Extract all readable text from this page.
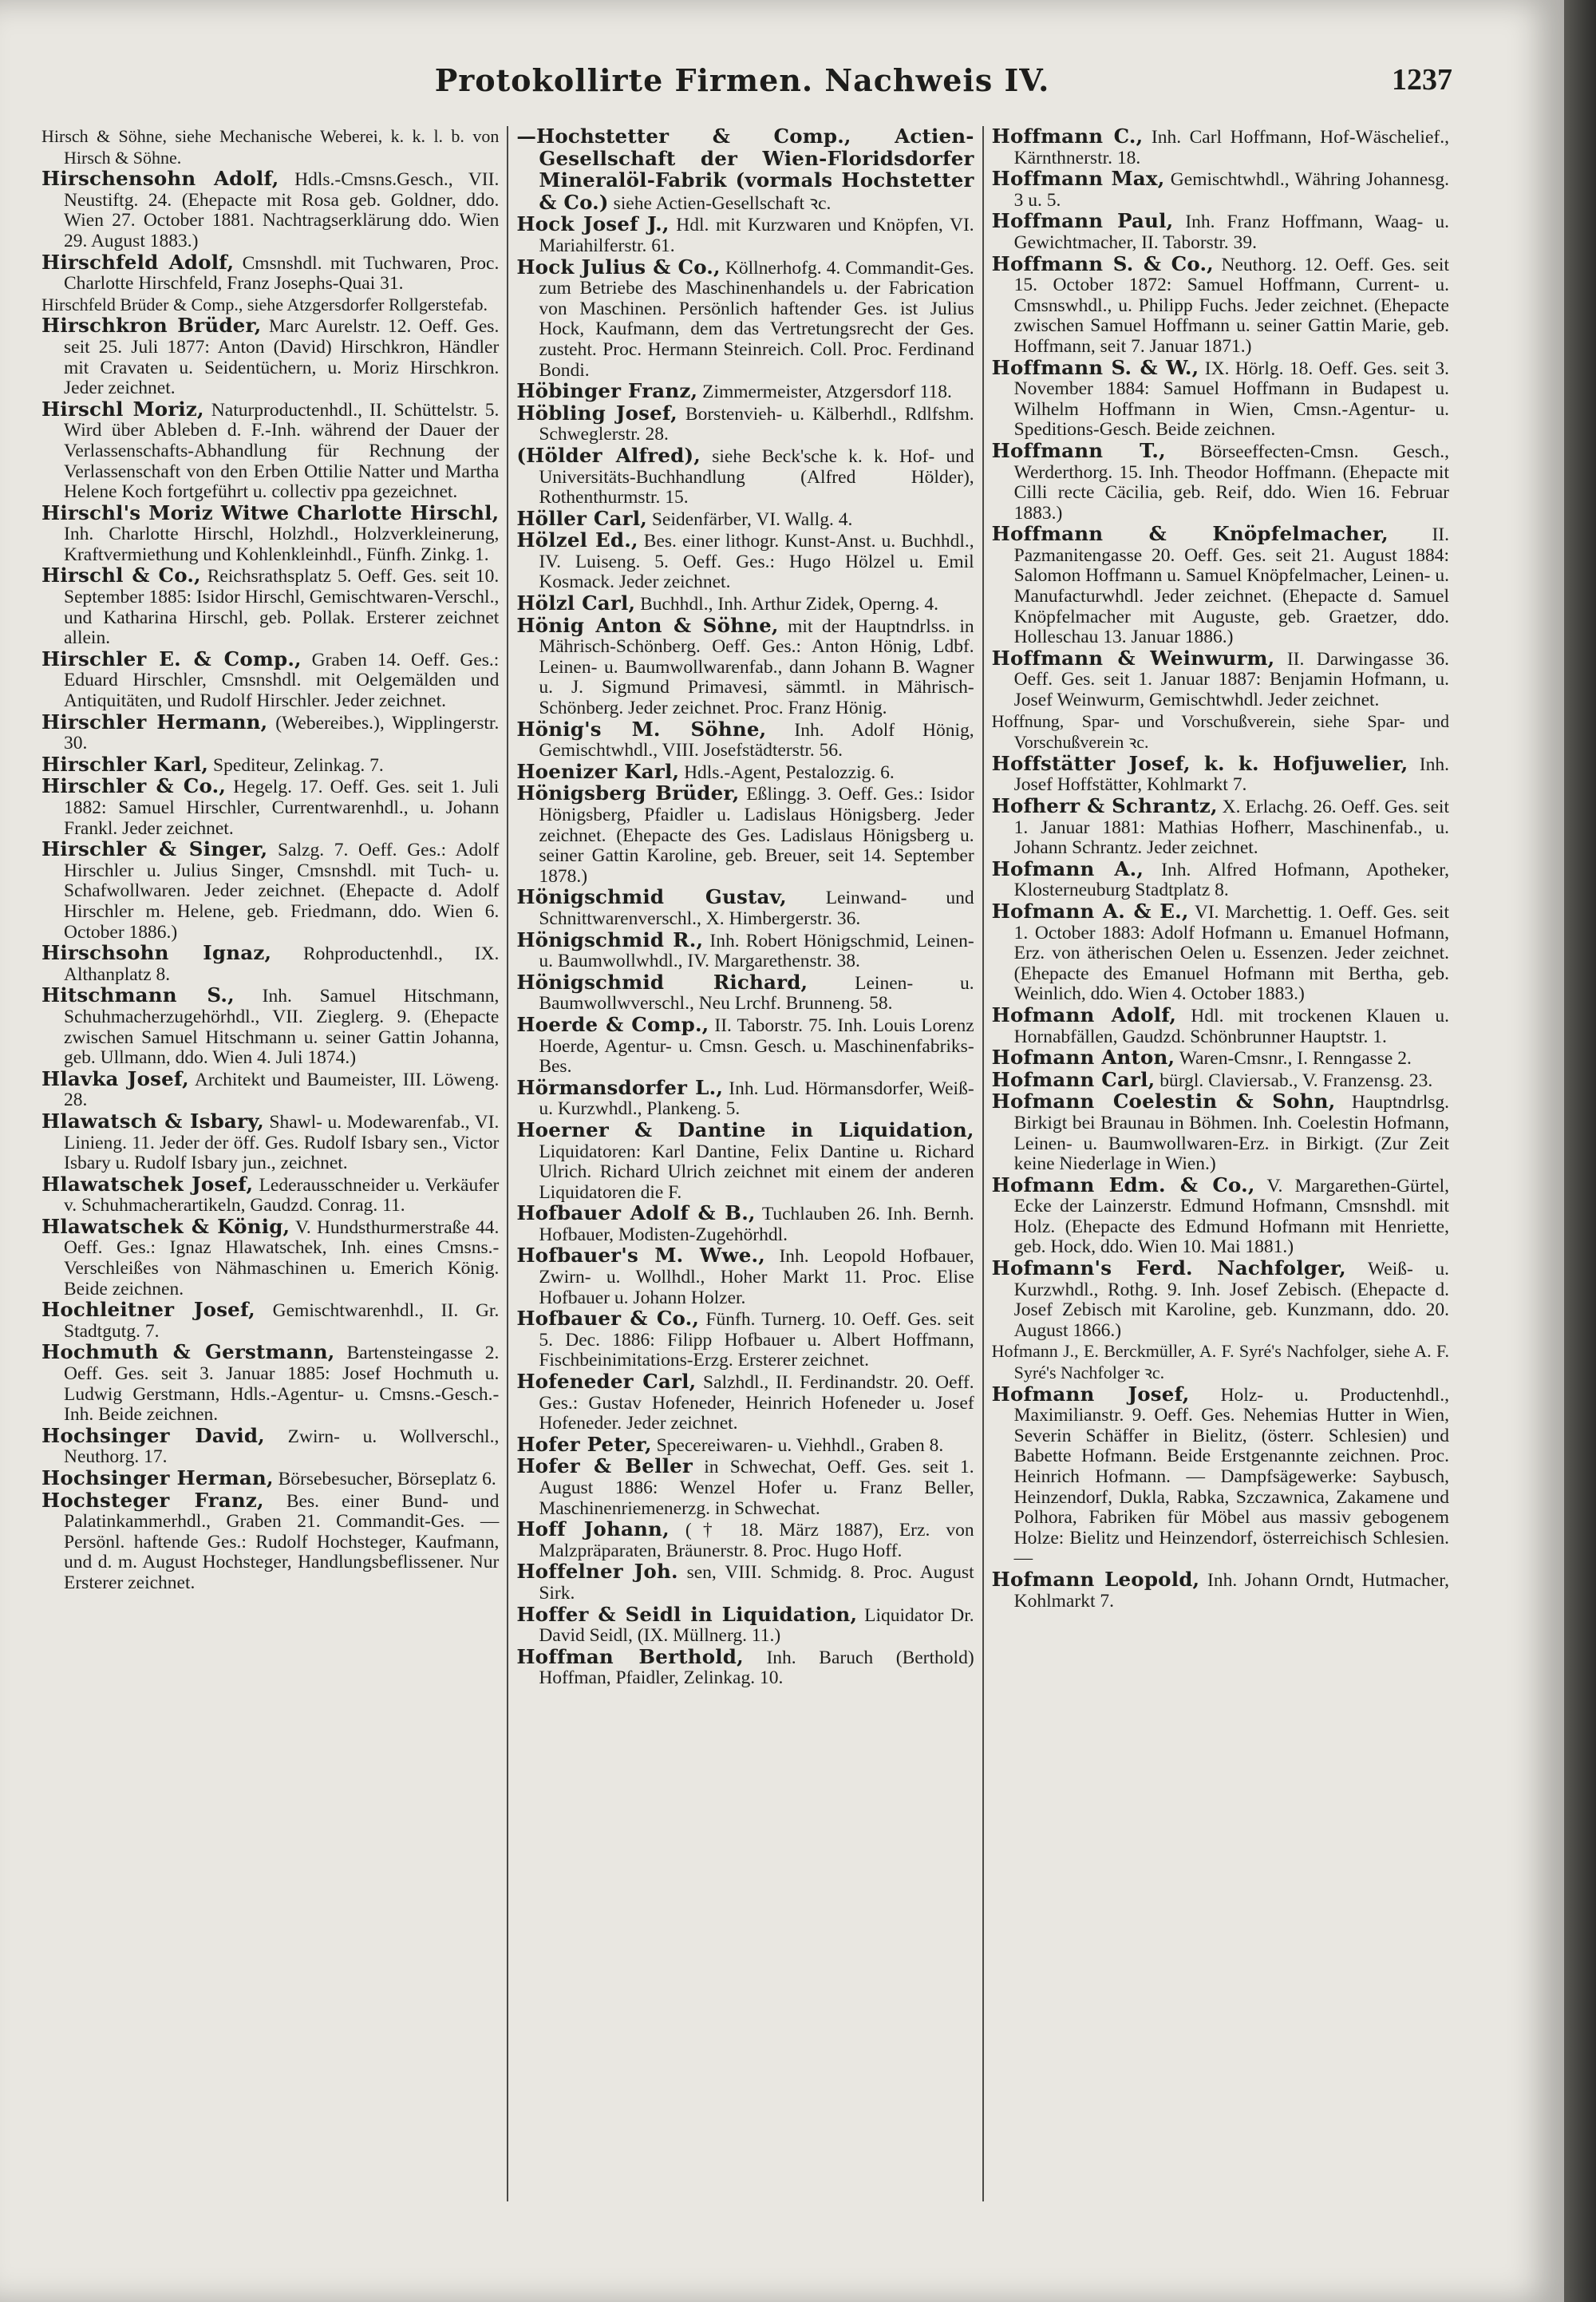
Protokollirte Firmen. Nachweis IV.	1237

Hirsch & Söhne, siehe Mechanische Weberei, k. k. l. b. von Hirsch & Söhne.

Hirschensohn Adolf, Hdls.-Cmsns.Gesch., VII. Neustiftg. 24. (Ehepacte mit Rosa geb. Goldner, ddo. Wien 27. October 1881. Nachtragserklärung ddo. Wien 29. August 1883.)

Hirschfeld Adolf, Cmsnshdl. mit Tuchwaren, Proc. Charlotte Hirschfeld, Franz Josephs-Quai 31.

Hirschfeld Brüder & Comp., siehe Atzgersdorfer Rollgerstefab.

Hirschkron Brüder, Marc Aurelstr. 12. Oeff. Ges. seit 25. Juli 1877: Anton (David) Hirschkron, Händler mit Cravaten u. Seidentüchern, u. Moriz Hirschkron. Jeder zeichnet.

Hirschl Moriz, Naturproductenhdl., II. Schüttelstr. 5. Wird über Ableben d. F.-Inh. während der Dauer der Verlassenschafts-Abhandlung für Rechnung der Verlassenschaft von den Erben Ottilie Natter und Martha Helene Koch fortgeführt u. collectiv ppa gezeichnet.

Hirschl's Moriz Witwe Charlotte Hirschl, Inh. Charlotte Hirschl, Holzhdl., Holzverkleinerung, Kraftvermiethung und Kohlenkleinhdl., Fünfh. Zinkg. 1.

Hirschl & Co., Reichsrathsplatz 5. Oeff. Ges. seit 10. September 1885: Isidor Hirschl, Gemischtwaren-Verschl., und Katharina Hirschl, geb. Pollak. Ersterer zeichnet allein.

Hirschler E. & Comp., Graben 14. Oeff. Ges.: Eduard Hirschler, Cmsnshdl. mit Oelgemälden und Antiquitäten, und Rudolf Hirschler. Jeder zeichnet.

Hirschler Hermann, (Webereibes.), Wipplingerstr. 30.

Hirschler Karl, Spediteur, Zelinkag. 7.

Hirschler & Co., Hegelg. 17. Oeff. Ges. seit 1. Juli 1882: Samuel Hirschler, Currentwarenhdl., u. Johann Frankl. Jeder zeichnet.

Hirschler & Singer, Salzg. 7. Oeff. Ges.: Adolf Hirschler u. Julius Singer, Cmsnshdl. mit Tuch- u. Schafwollwaren. Jeder zeichnet. (Ehepacte d. Adolf Hirschler m. Helene, geb. Friedmann, ddo. Wien 6. October 1886.)

Hirschsohn Ignaz, Rohproductenhdl., IX. Althanplatz 8.

Hitschmann S., Inh. Samuel Hitschmann, Schuhmacherzugehörhdl., VII. Zieglerg. 9. (Ehepacte zwischen Samuel Hitschmann u. seiner Gattin Johanna, geb. Ullmann, ddo. Wien 4. Juli 1874.)

Hlavka Josef, Architekt und Baumeister, III. Löweng. 28.

Hlawatsch & Isbary, Shawl- u. Modewarenfab., VI. Linieng. 11. Jeder der öff. Ges. Rudolf Isbary sen., Victor Isbary u. Rudolf Isbary jun., zeichnet.

Hlawatschek Josef, Lederausschneider u. Verkäufer v. Schuhmacherartikeln, Gaudzd. Conrag. 11.

Hlawatschek & König, V. Hundsthurmerstraße 44. Oeff. Ges.: Ignaz Hlawatschek, Inh. eines Cmsns.-Verschleißes von Nähmaschinen u. Emerich König. Beide zeichnen.

Hochleitner Josef, Gemischtwarenhdl., II. Gr. Stadtgutg. 7.

Hochmuth & Gerstmann, Bartensteingasse 2. Oeff. Ges. seit 3. Januar 1885: Josef Hochmuth u. Ludwig Gerstmann, Hdls.-Agentur- u. Cmsns.-Gesch.-Inh. Beide zeichnen.

Hochsinger David, Zwirn- u. Wollverschl., Neuthorg. 17.

Hochsinger Herman, Börsebesucher, Börseplatz 6.

Hochsteger Franz, Bes. einer Bund- und Palatinkammerhdl., Graben 21. Commandit-Ges. — Persönl. haftende Ges.: Rudolf Hochsteger, Kaufmann, und d. m. August Hochsteger, Handlungsbeflissener. Nur Ersterer zeichnet.

—Hochstetter & Comp., Actien-Gesellschaft der Wien-Floridsdorfer Mineralöl-Fabrik (vormals Hochstetter & Co.) siehe Actien-Gesellschaft ꝛc.

Hock Josef J., Hdl. mit Kurzwaren und Knöpfen, VI. Mariahilferstr. 61.

Hock Julius & Co., Köllnerhofg. 4. Commandit-Ges. zum Betriebe des Maschinenhandels u. der Fabrication von Maschinen. Persönlich haftender Ges. ist Julius Hock, Kaufmann, dem das Vertretungsrecht der Ges. zusteht. Proc. Hermann Steinreich. Coll. Proc. Ferdinand Bondi.

Höbinger Franz, Zimmermeister, Atzgersdorf 118.

Höbling Josef, Borstenvieh- u. Kälberhdl., Rdlfshm. Schweglerstr. 28.

(Hölder Alfred), siehe Beck'sche k. k. Hof- und Universitäts-Buchhandlung (Alfred Hölder), Rothenthurmstr. 15.

Höller Carl, Seidenfärber, VI. Wallg. 4.

Hölzel Ed., Bes. einer lithogr. Kunst-Anst. u. Buchhdl., IV. Luiseng. 5. Oeff. Ges.: Hugo Hölzel u. Emil Kosmack. Jeder zeichnet.

Hölzl Carl, Buchhdl., Inh. Arthur Zidek, Operng. 4.

Hönig Anton & Söhne, mit der Hauptndrlss. in Mährisch-Schönberg. Oeff. Ges.: Anton Hönig, Ldbf. Leinen- u. Baumwollwarenfab., dann Johann B. Wagner u. J. Sigmund Primavesi, sämmtl. in Mährisch-Schönberg. Jeder zeichnet. Proc. Franz Hönig.

Hönig's M. Söhne, Inh. Adolf Hönig, Gemischtwhdl., VIII. Josefstädterstr. 56.

Hoenizer Karl, Hdls.-Agent, Pestalozzig. 6.

Hönigsberg Brüder, Eßlingg. 3. Oeff. Ges.: Isidor Hönigsberg, Pfaidler u. Ladislaus Hönigsberg. Jeder zeichnet. (Ehepacte des Ges. Ladislaus Hönigsberg u. seiner Gattin Karoline, geb. Breuer, seit 14. September 1878.)

Hönigschmid Gustav, Leinwand- und Schnittwarenverschl., X. Himbergerstr. 36.

Hönigschmid R., Inh. Robert Hönigschmid, Leinen- u. Baumwollwhdl., IV. Margarethenstr. 38.

Hönigschmid Richard, Leinen- u. Baumwollwverschl., Neu Lrchf. Brunneng. 58.

Hoerde & Comp., II. Taborstr. 75. Inh. Louis Lorenz Hoerde, Agentur- u. Cmsn. Gesch. u. Maschinenfabriks-Bes.

Hörmansdorfer L., Inh. Lud. Hörmansdorfer, Weiß- u. Kurzwhdl., Plankeng. 5.

Hoerner & Dantine in Liquidation, Liquidatoren: Karl Dantine, Felix Dantine u. Richard Ulrich. Richard Ulrich zeichnet mit einem der anderen Liquidatoren die F.

Hofbauer Adolf & B., Tuchlauben 26. Inh. Bernh. Hofbauer, Modisten-Zugehörhdl.

Hofbauer's M. Wwe., Inh. Leopold Hofbauer, Zwirn- u. Wollhdl., Hoher Markt 11. Proc. Elise Hofbauer u. Johann Holzer.

Hofbauer & Co., Fünfh. Turnerg. 10. Oeff. Ges. seit 5. Dec. 1886: Filipp Hofbauer u. Albert Hoffmann, Fischbeinimitations-Erzg. Ersterer zeichnet.

Hofeneder Carl, Salzhdl., II. Ferdinandstr. 20. Oeff. Ges.: Gustav Hofeneder, Heinrich Hofeneder u. Josef Hofeneder. Jeder zeichnet.

Hofer Peter, Specereiwaren- u. Viehhdl., Graben 8.

Hofer & Beller in Schwechat, Oeff. Ges. seit 1. August 1886: Wenzel Hofer u. Franz Beller, Maschinenriemenerzg. in Schwechat.

Hoff Johann, († 18. März 1887), Erz. von Malzpräparaten, Bräunerstr. 8. Proc. Hugo Hoff.

Hoffelner Joh. sen, VIII. Schmidg. 8. Proc. August Sirk.

Hoffer & Seidl in Liquidation, Liquidator Dr. David Seidl, (IX. Müllnerg. 11.)

Hoffman Berthold, Inh. Baruch (Berthold) Hoffman, Pfaidler, Zelinkag. 10.

Hoffmann C., Inh. Carl Hoffmann, Hof-Wäschelief., Kärnthnerstr. 18.

Hoffmann Max, Gemischtwhdl., Währing Johannesg. 3 u. 5.

Hoffmann Paul, Inh. Franz Hoffmann, Waag- u. Gewichtmacher, II. Taborstr. 39.

Hoffmann S. & Co., Neuthorg. 12. Oeff. Ges. seit 15. October 1872: Samuel Hoffmann, Current- u. Cmsnswhdl., u. Philipp Fuchs. Jeder zeichnet. (Ehepacte zwischen Samuel Hoffmann u. seiner Gattin Marie, geb. Hoffmann, seit 7. Januar 1871.)

Hoffmann S. & W., IX. Hörlg. 18. Oeff. Ges. seit 3. November 1884: Samuel Hoffmann in Budapest u. Wilhelm Hoffmann in Wien, Cmsn.-Agentur- u. Speditions-Gesch. Beide zeichnen.

Hoffmann T., Börseeffecten-Cmsn. Gesch., Werderthorg. 15. Inh. Theodor Hoffmann. (Ehepacte mit Cilli recte Cäcilia, geb. Reif, ddo. Wien 16. Februar 1883.)

Hoffmann & Knöpfelmacher, II. Pazmanitengasse 20. Oeff. Ges. seit 21. August 1884: Salomon Hoffmann u. Samuel Knöpfelmacher, Leinen- u. Manufacturwhdl. Jeder zeichnet. (Ehepacte d. Samuel Knöpfelmacher mit Auguste, geb. Graetzer, ddo. Holleschau 13. Januar 1886.)

Hoffmann & Weinwurm, II. Darwingasse 36. Oeff. Ges. seit 1. Januar 1887: Benjamin Hofmann, u. Josef Weinwurm, Gemischtwhdl. Jeder zeichnet.

Hoffnung, Spar- und Vorschußverein, siehe Spar- und Vorschußverein ꝛc.

Hoffstätter Josef, k. k. Hofjuwelier, Inh. Josef Hoffstätter, Kohlmarkt 7.

Hofherr & Schrantz, X. Erlachg. 26. Oeff. Ges. seit 1. Januar 1881: Mathias Hofherr, Maschinenfab., u. Johann Schrantz. Jeder zeichnet.

Hofmann A., Inh. Alfred Hofmann, Apotheker, Klosterneuburg Stadtplatz 8.

Hofmann A. & E., VI. Marchettig. 1. Oeff. Ges. seit 1. October 1883: Adolf Hofmann u. Emanuel Hofmann, Erz. von ätherischen Oelen u. Essenzen. Jeder zeichnet. (Ehepacte des Emanuel Hofmann mit Bertha, geb. Weinlich, ddo. Wien 4. October 1883.)

Hofmann Adolf, Hdl. mit trockenen Klauen u. Hornabfällen, Gaudzd. Schönbrunner Hauptstr. 1.

Hofmann Anton, Waren-Cmsnr., I. Renngasse 2.

Hofmann Carl, bürgl. Claviersab., V. Franzensg. 23.

Hofmann Coelestin & Sohn, Hauptndrlsg. Birkigt bei Braunau in Böhmen. Inh. Coelestin Hofmann, Leinen- u. Baumwollwaren-Erz. in Birkigt. (Zur Zeit keine Niederlage in Wien.)

Hofmann Edm. & Co., V. Margarethen-Gürtel, Ecke der Lainzerstr. Edmund Hofmann, Cmsnshdl. mit Holz. (Ehepacte des Edmund Hofmann mit Henriette, geb. Hock, ddo. Wien 10. Mai 1881.)

Hofmann's Ferd. Nachfolger, Weiß- u. Kurzwhdl., Rothg. 9. Inh. Josef Zebisch. (Ehepacte d. Josef Zebisch mit Karoline, geb. Kunzmann, ddo. 20. August 1866.)

Hofmann J., E. Berckmüller, A. F. Syré's Nachfolger, siehe A. F. Syré's Nachfolger ꝛc.

Hofmann Josef, Holz- u. Productenhdl., Maximilianstr. 9. Oeff. Ges. Nehemias Hutter in Wien, Severin Schäffer in Bielitz, (österr. Schlesien) und Babette Hofmann. Beide Erstgenannte zeichnen. Proc. Heinrich Hofmann. — Dampfsägewerke: Saybusch, Heinzendorf, Dukla, Rabka, Szczawnica, Zakamene und Polhora, Fabriken für Möbel aus massiv gebogenem Holze: Bielitz und Heinzendorf, österreichisch Schlesien. —

Hofmann Leopold, Inh. Johann Orndt, Hutmacher, Kohlmarkt 7.
